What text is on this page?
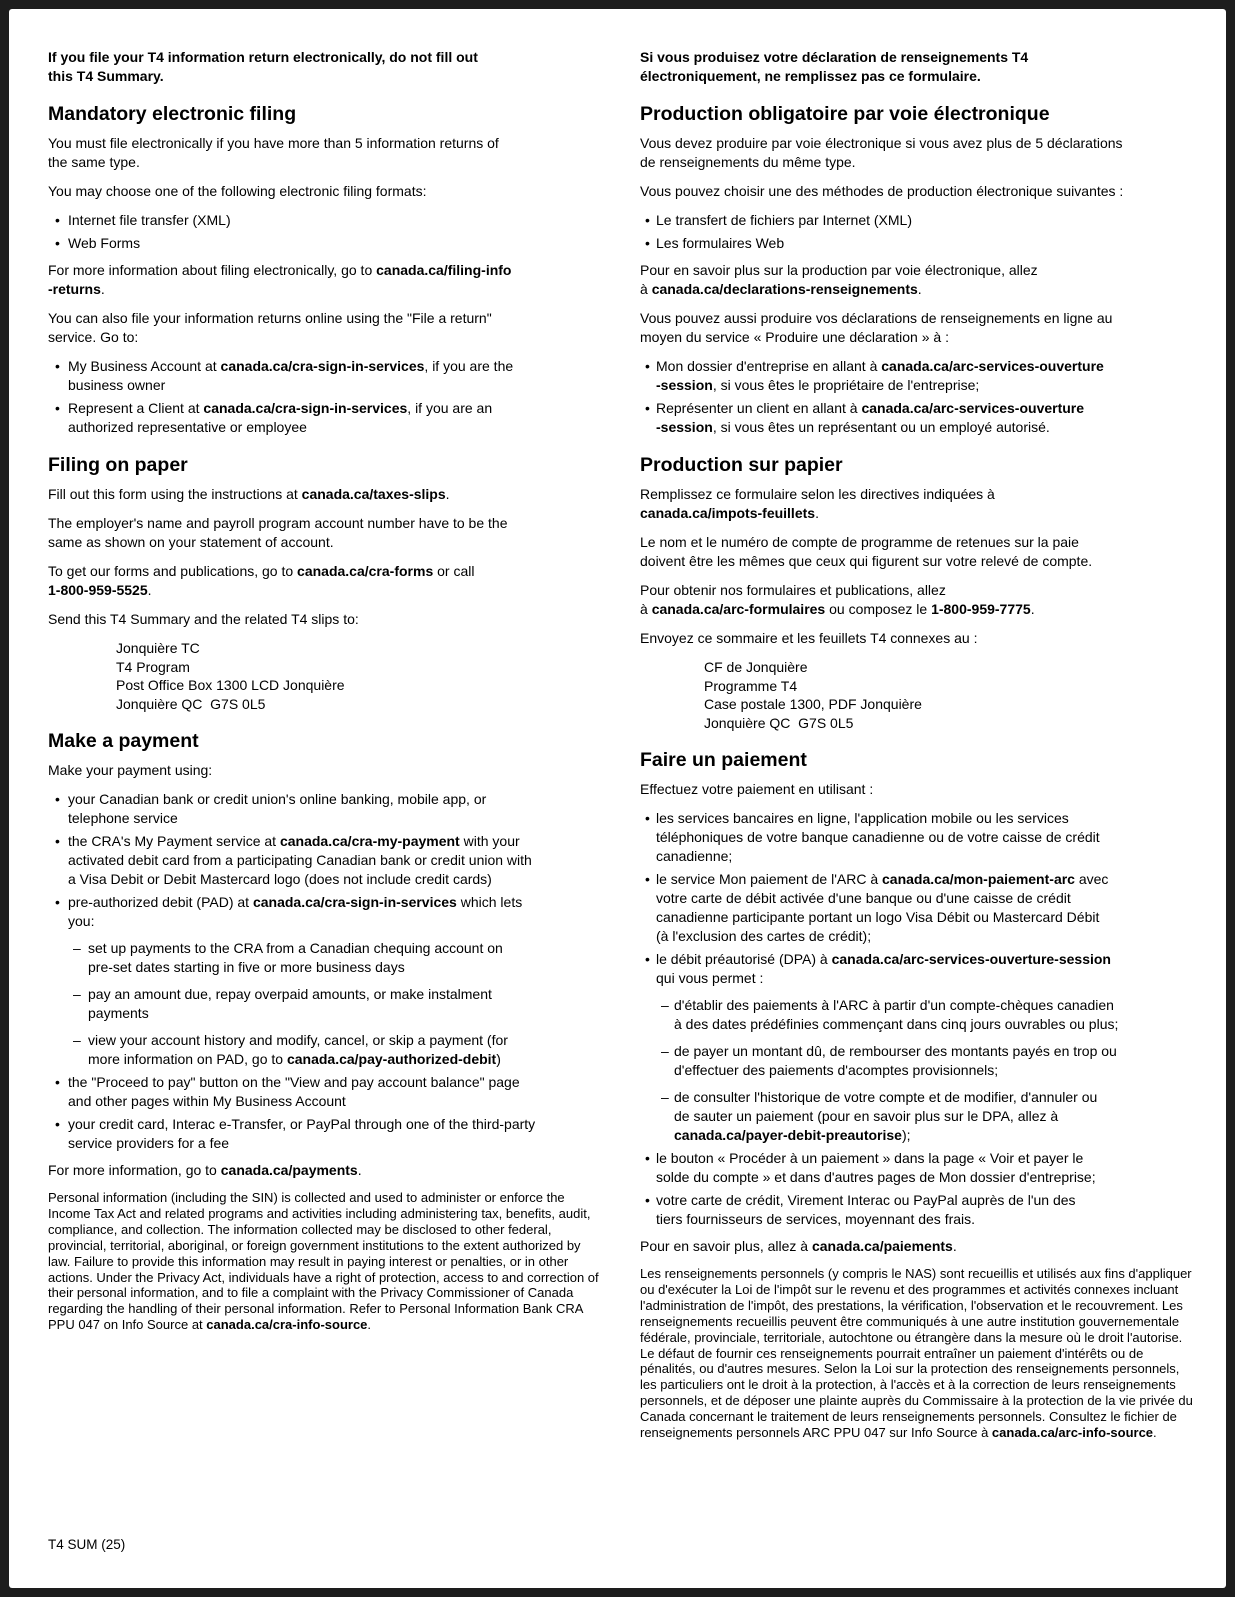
If you file your T4 information return electronically, do not fill out
this T4 Summary.
Mandatory electronic filing

You must file electronically if you have more than 5 information returns of
the same type.

You may choose one of the following electronic filing formats:

• Internet file transfer (XML)
• Web Forms

For more information about filing electronically, go to canada.ca/filing-info
-returns.

You can also file your information returns online using the "File a return"
service. Go to:

• My Business Account at canada.ca/cra-sign-in-services, if you are the
business owner
• Represent a Client at canada.ca/cra-sign-in-services, if you are an
authorized representative or employee
Filing on paper

Fill out this form using the instructions at canada.ca/taxes-slips.

The employer's name and payroll program account number have to be the
same as shown on your statement of account.

To get our forms and publications, go to canada.ca/cra-forms or call
1-800-959-5525.

Send this T4 Summary and the related T4 slips to:

Jonquière TC
T4 Program
Post Office Box 1300 LCD Jonquière
Jonquière QC  G7S 0L5
Make a payment

Make your payment using:

• your Canadian bank or credit union's online banking, mobile app, or
telephone service
• the CRA's My Payment service at canada.ca/cra-my-payment with your
activated debit card from a participating Canadian bank or credit union with
a Visa Debit or Debit Mastercard logo (does not include credit cards)
• pre-authorized debit (PAD) at canada.ca/cra-sign-in-services which lets
you:
– set up payments to the CRA from a Canadian chequing account on
pre-set dates starting in five or more business days
– pay an amount due, repay overpaid amounts, or make instalment
payments
– view your account history and modify, cancel, or skip a payment (for
more information on PAD, go to canada.ca/pay-authorized-debit)
• the "Proceed to pay" button on the "View and pay account balance" page
and other pages within My Business Account
• your credit card, Interac e-Transfer, or PayPal through one of the third-party
service providers for a fee

For more information, go to canada.ca/payments.

Personal information (including the SIN) is collected and used to administer or enforce the Income Tax Act and related programs and activities including administering tax, benefits, audit, compliance, and collection. The information collected may be disclosed to other federal, provincial, territorial, aboriginal, or foreign government institutions to the extent authorized by law. Failure to provide this information may result in paying interest or penalties, or in other actions. Under the Privacy Act, individuals have a right of protection, access to and correction of their personal information, and to file a complaint with the Privacy Commissioner of Canada regarding the handling of their personal information. Refer to Personal Information Bank CRA PPU 047 on Info Source at canada.ca/cra-info-source.

Si vous produisez votre déclaration de renseignements T4
électroniquement, ne remplissez pas ce formulaire.
Production obligatoire par voie électronique

Vous devez produire par voie électronique si vous avez plus de 5 déclarations
de renseignements du même type.

Vous pouvez choisir une des méthodes de production électronique suivantes :

• Le transfert de fichiers par Internet (XML)
• Les formulaires Web

Pour en savoir plus sur la production par voie électronique, allez
à canada.ca/declarations-renseignements.

Vous pouvez aussi produire vos déclarations de renseignements en ligne au
moyen du service « Produire une déclaration » à :

• Mon dossier d'entreprise en allant à canada.ca/arc-services-ouverture
-session, si vous êtes le propriétaire de l'entreprise;
• Représenter un client en allant à canada.ca/arc-services-ouverture
-session, si vous êtes un représentant ou un employé autorisé.
Production sur papier

Remplissez ce formulaire selon les directives indiquées à
canada.ca/impots-feuillets.

Le nom et le numéro de compte de programme de retenues sur la paie
doivent être les mêmes que ceux qui figurent sur votre relevé de compte.

Pour obtenir nos formulaires et publications, allez
à canada.ca/arc-formulaires ou composez le 1-800-959-7775.

Envoyez ce sommaire et les feuillets T4 connexes au :

CF de Jonquière
Programme T4
Case postale 1300, PDF Jonquière
Jonquière QC  G7S 0L5
Faire un paiement

Effectuez votre paiement en utilisant :

• les services bancaires en ligne, l'application mobile ou les services
téléphoniques de votre banque canadienne ou de votre caisse de crédit
canadienne;
• le service Mon paiement de l'ARC à canada.ca/mon-paiement-arc avec
votre carte de débit activée d'une banque ou d'une caisse de crédit
canadienne participante portant un logo Visa Débit ou Mastercard Débit
(à l'exclusion des cartes de crédit);
• le débit préautorisé (DPA) à canada.ca/arc-services-ouverture-session
qui vous permet :
– d'établir des paiements à l'ARC à partir d'un compte-chèques canadien
à des dates prédéfinies commençant dans cinq jours ouvrables ou plus;
– de payer un montant dû, de rembourser des montants payés en trop ou
d'effectuer des paiements d'acomptes provisionnels;
– de consulter l'historique de votre compte et de modifier, d'annuler ou
de sauter un paiement (pour en savoir plus sur le DPA, allez à
canada.ca/payer-debit-preautorise);
• le bouton « Procéder à un paiement » dans la page « Voir et payer le
solde du compte » et dans d'autres pages de Mon dossier d'entreprise;
• votre carte de crédit, Virement Interac ou PayPal auprès de l'un des
tiers fournisseurs de services, moyennant des frais.

Pour en savoir plus, allez à canada.ca/paiements.

Les renseignements personnels (y compris le NAS) sont recueillis et utilisés aux fins d'appliquer ou d'exécuter la Loi de l'impôt sur le revenu et des programmes et activités connexes incluant l'administration de l'impôt, des prestations, la vérification, l'observation et le recouvrement. Les renseignements recueillis peuvent être communiqués à une autre institution gouvernementale fédérale, provinciale, territoriale, autochtone ou étrangère dans la mesure où le droit l'autorise. Le défaut de fournir ces renseignements pourrait entraîner un paiement d'intérêts ou de pénalités, ou d'autres mesures. Selon la Loi sur la protection des renseignements personnels, les particuliers ont le droit à la protection, à l'accès et à la correction de leurs renseignements personnels, et de déposer une plainte auprès du Commissaire à la protection de la vie privée du Canada concernant le traitement de leurs renseignements personnels. Consultez le fichier de renseignements personnels ARC PPU 047 sur Info Source à canada.ca/arc-info-source.

T4 SUM (25)
